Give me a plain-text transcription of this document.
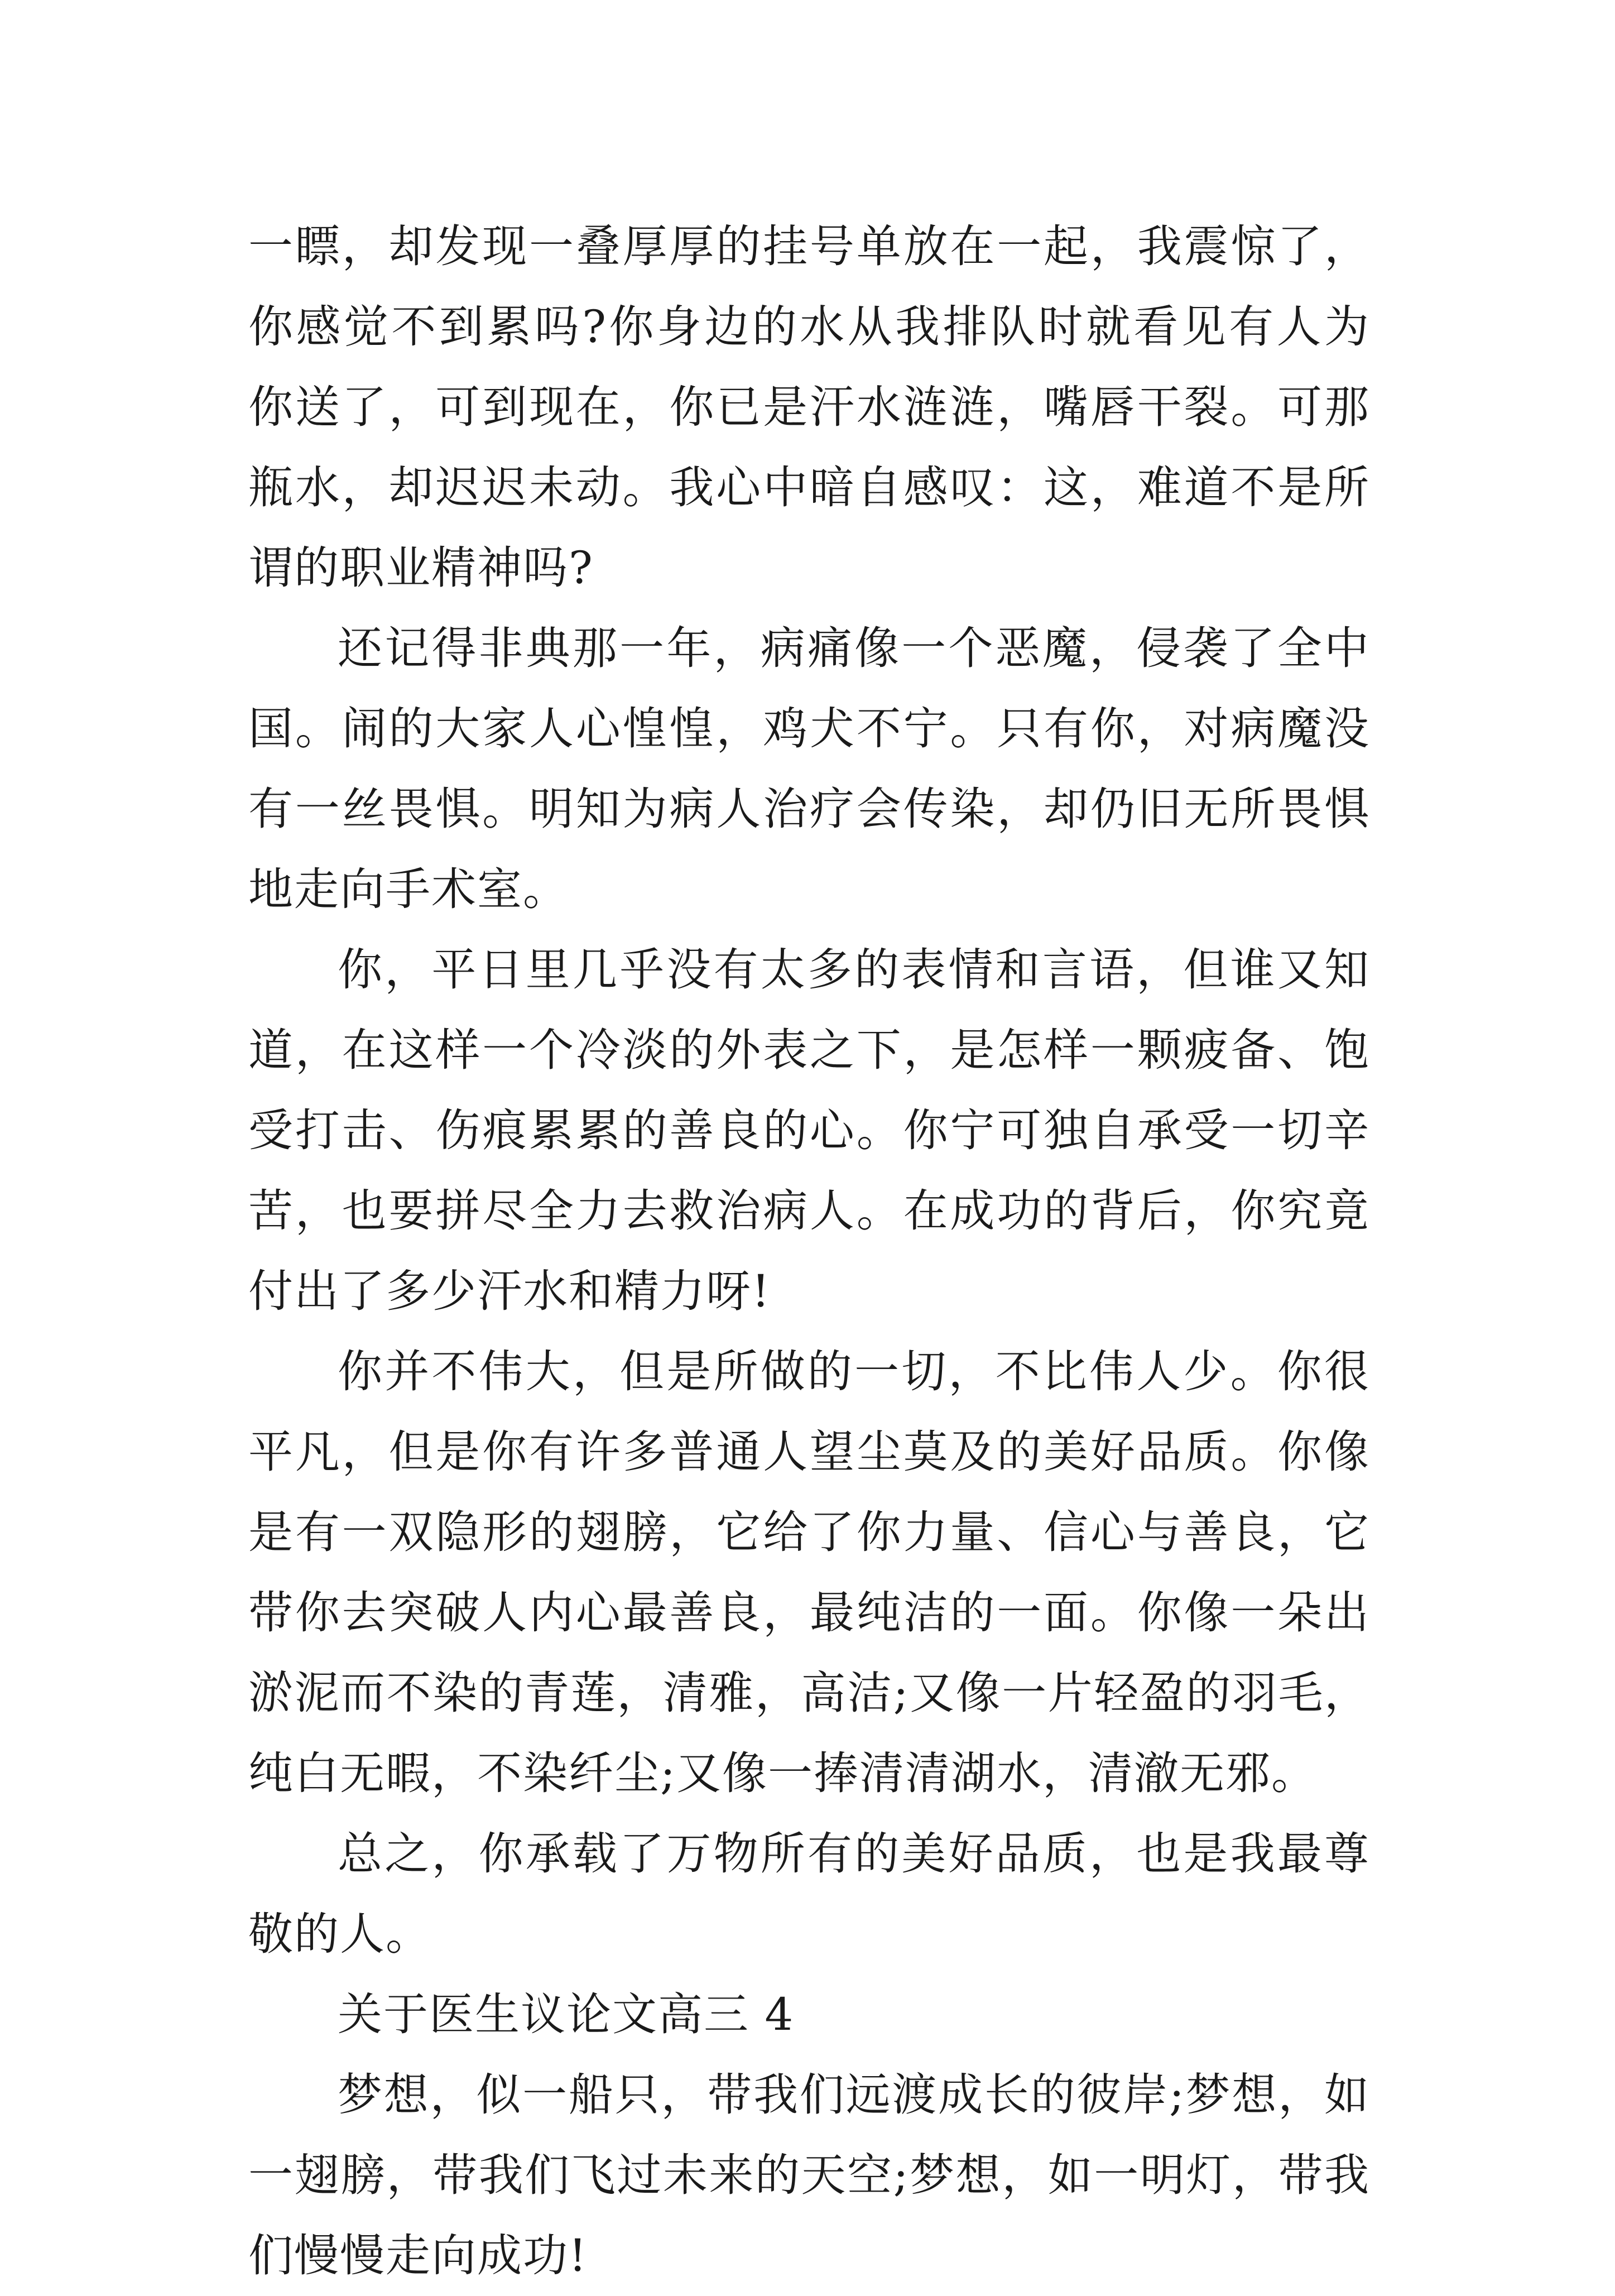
一瞟，却发现一叠厚厚的挂号单放在一起，我震惊了，你感觉不到累吗?你身边的水从我排队时就看见有人为你送了，可到现在，你已是汗水涟涟，嘴唇干裂。可那瓶水，却迟迟未动。我心中暗自感叹：这，难道不是所谓的职业精神吗?

还记得非典那一年，病痛像一个恶魔，侵袭了全中国。闹的大家人心惶惶，鸡犬不宁。只有你，对病魔没有一丝畏惧。明知为病人治疗会传染，却仍旧无所畏惧地走向手术室。

你，平日里几乎没有太多的表情和言语，但谁又知道，在这样一个冷淡的外表之下，是怎样一颗疲备、饱受打击、伤痕累累的善良的心。你宁可独自承受一切辛苦，也要拼尽全力去救治病人。在成功的背后，你究竟付出了多少汗水和精力呀!

你并不伟大，但是所做的一切，不比伟人少。你很平凡，但是你有许多普通人望尘莫及的美好品质。你像是有一双隐形的翅膀，它给了你力量、信心与善良，它带你去突破人内心最善良，最纯洁的一面。你像一朵出淤泥而不染的青莲，清雅，高洁;又像一片轻盈的羽毛，纯白无暇，不染纤尘;又像一捧清清湖水，清澈无邪。

总之，你承载了万物所有的美好品质，也是我最尊敬的人。

关于医生议论文高三 4

梦想，似一船只，带我们远渡成长的彼岸;梦想，如一翅膀，带我们飞过未来的天空;梦想，如一明灯，带我们慢慢走向成功!
